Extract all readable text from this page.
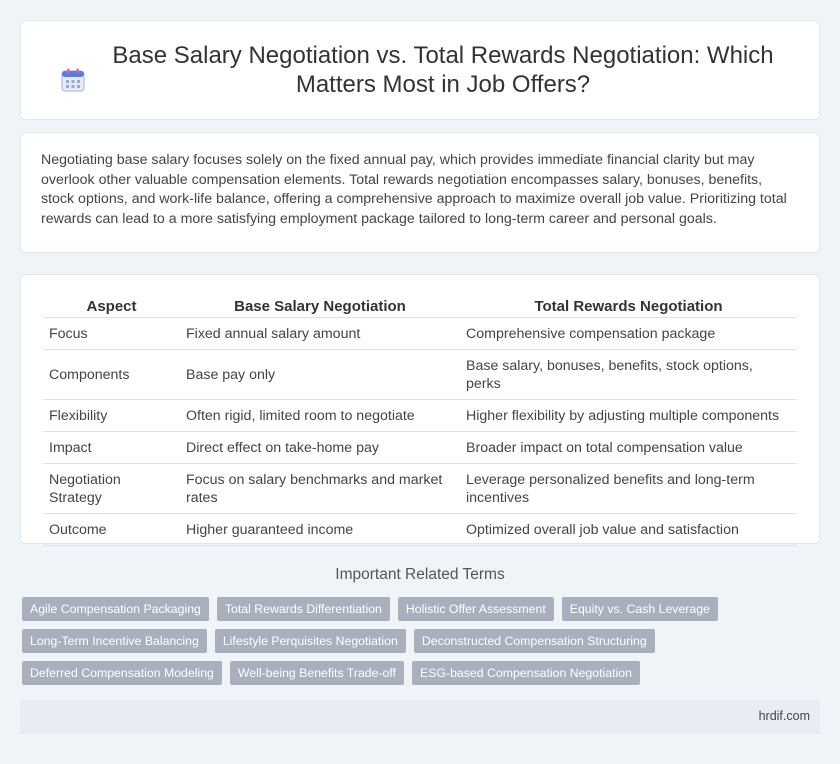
Base Salary Negotiation vs. Total Rewards Negotiation: Which Matters Most in Job Offers?

Negotiating base salary focuses solely on the fixed annual pay, which provides immediate financial clarity but may overlook other valuable compensation elements. Total rewards negotiation encompasses salary, bonuses, benefits, stock options, and work-life balance, offering a comprehensive approach to maximize overall job value. Prioritizing total rewards can lead to a more satisfying employment package tailored to long-term career and personal goals.

Aspect	Base Salary Negotiation	Total Rewards Negotiation
Focus	Fixed annual salary amount	Comprehensive compensation package
Components	Base pay only	Base salary, bonuses, benefits, stock options, perks
Flexibility	Often rigid, limited room to negotiate	Higher flexibility by adjusting multiple components
Impact	Direct effect on take-home pay	Broader impact on total compensation value
Negotiation Strategy	Focus on salary benchmarks and market rates	Leverage personalized benefits and long-term incentives
Outcome	Higher guaranteed income	Optimized overall job value and satisfaction
Important Related Terms
Agile Compensation Packaging	Total Rewards Differentiation	Holistic Offer Assessment	Equity vs. Cash Leverage
Long-Term Incentive Balancing	Lifestyle Perquisites Negotiation	Deconstructed Compensation Structuring
Deferred Compensation Modeling	Well-being Benefits Trade-off	ESG-based Compensation Negotiation
hrdif.com
